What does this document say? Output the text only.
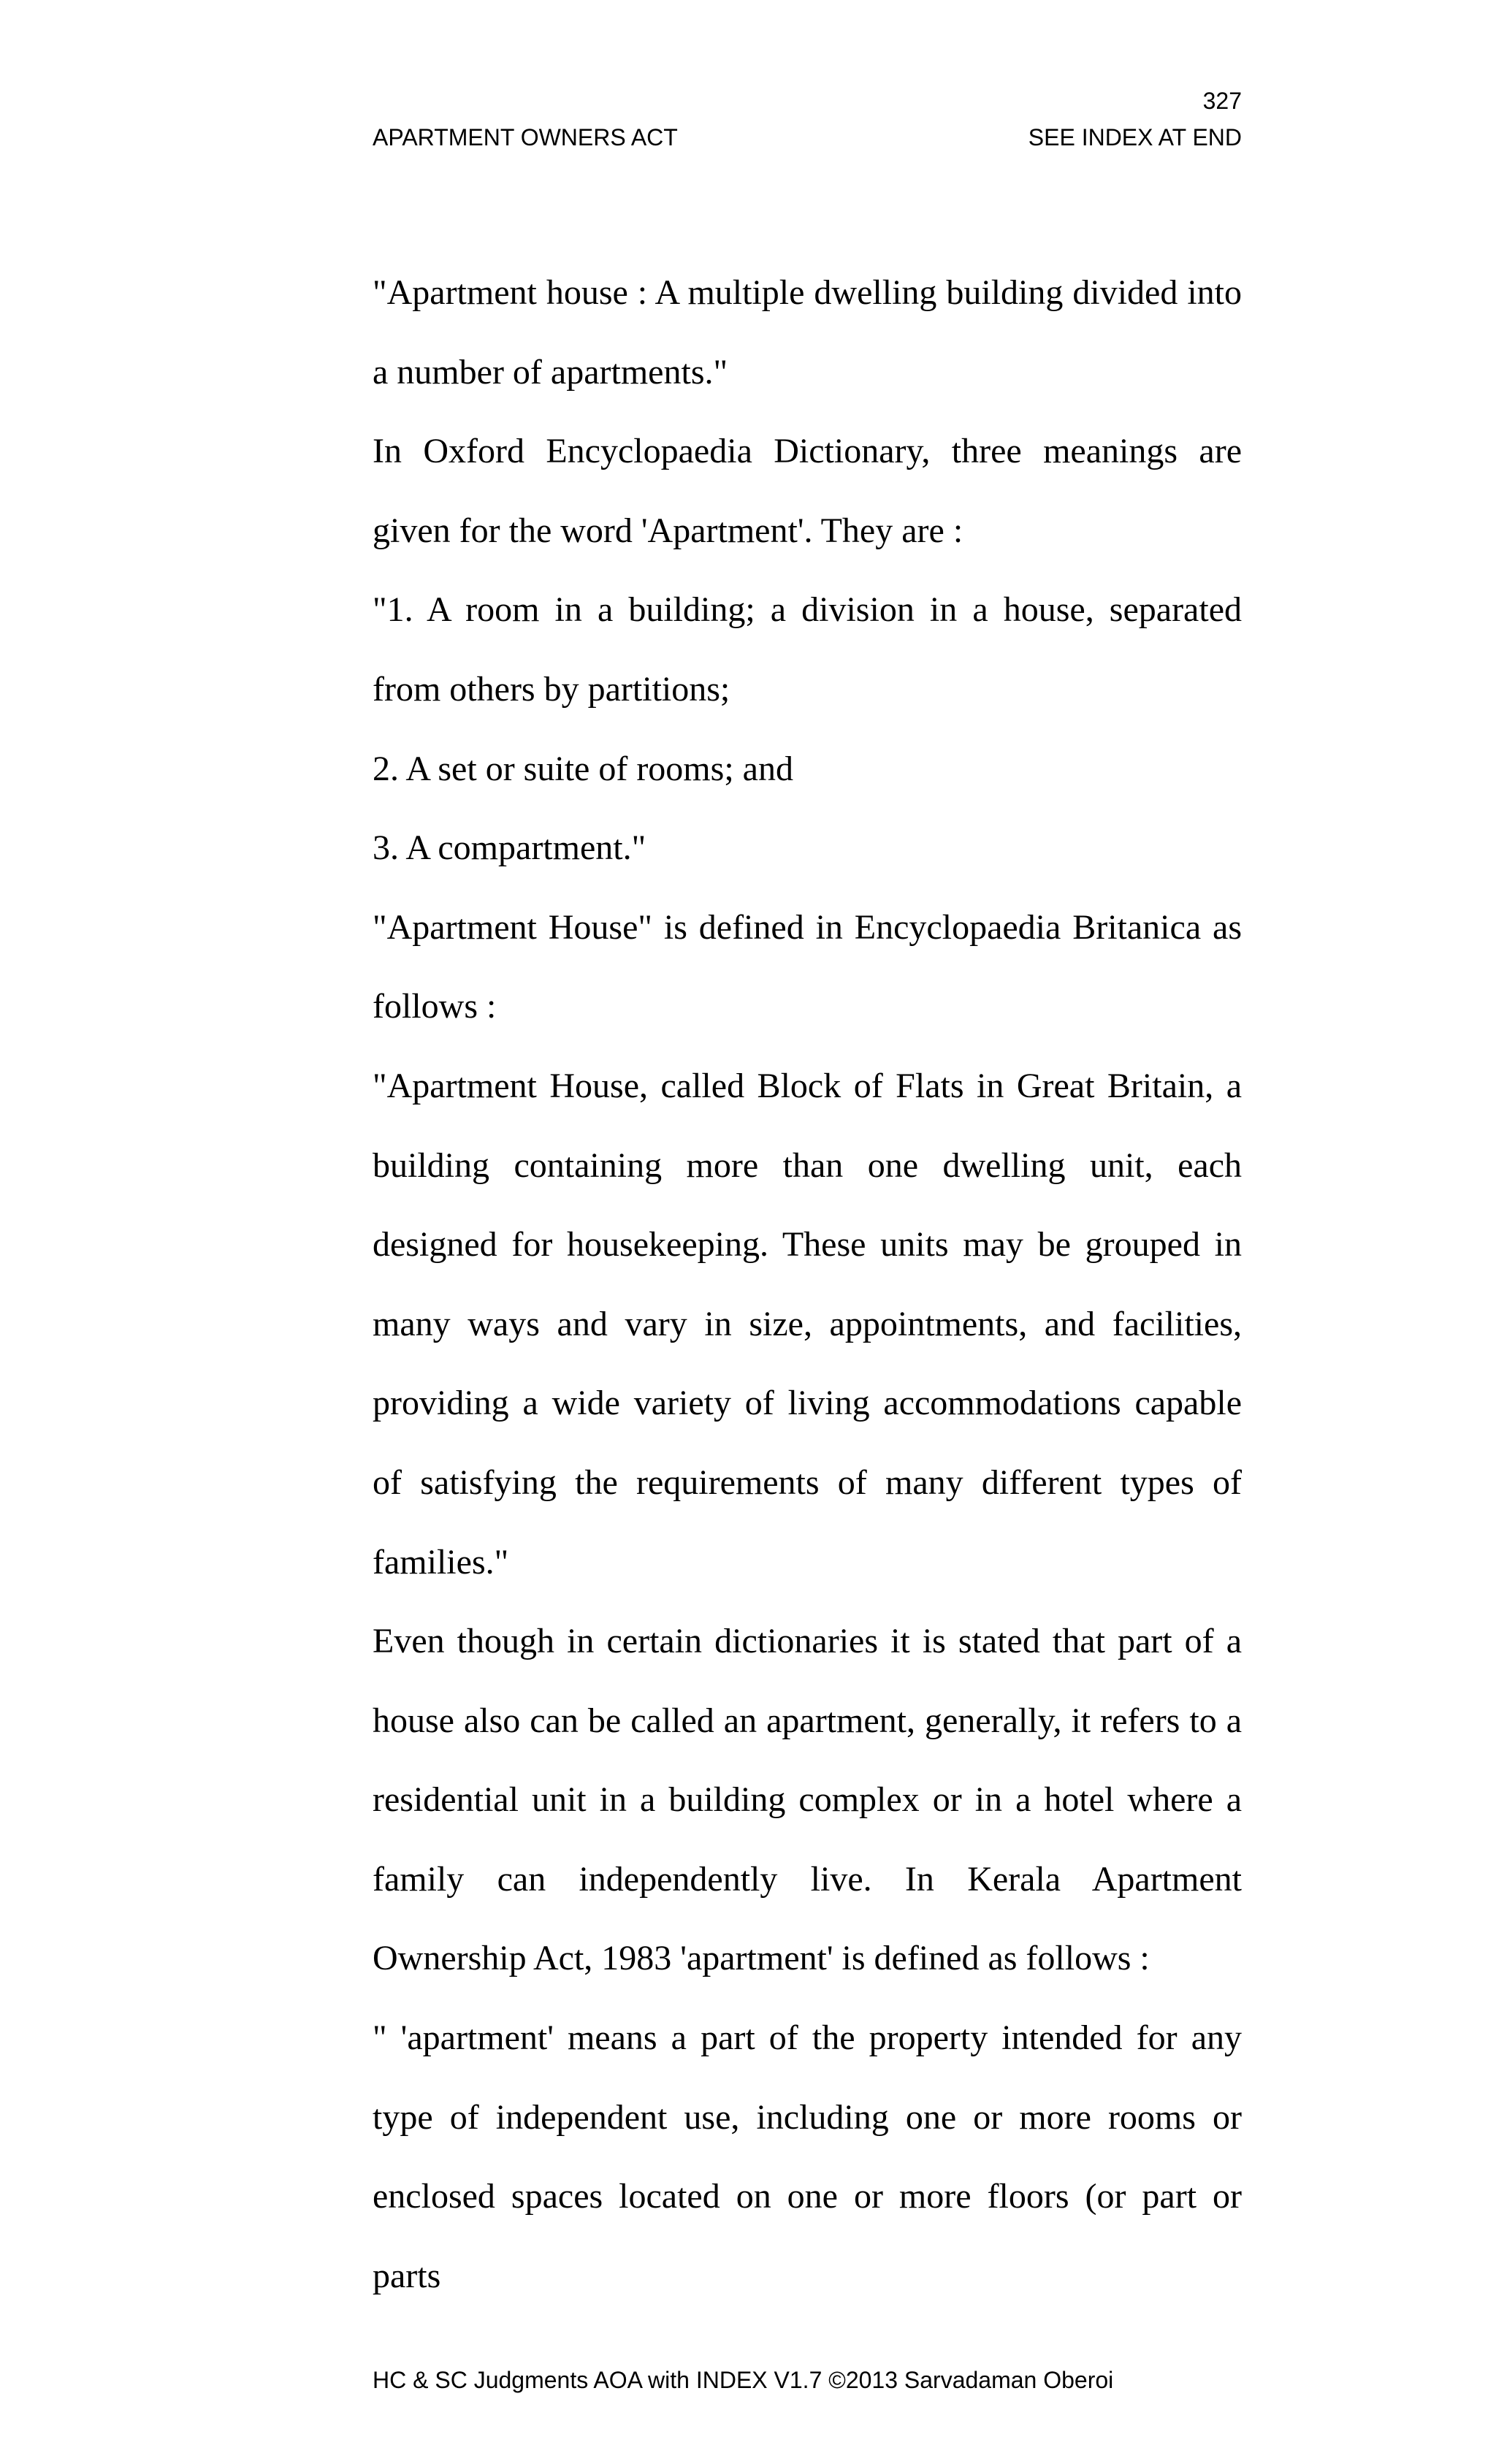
327
APARTMENT OWNERS ACT	SEE INDEX AT END

"Apartment house : A multiple dwelling building divided into a number of apartments."

In Oxford Encyclopaedia Dictionary, three meanings are given for the word 'Apartment'. They are :

"1. A room in a building; a division in a house, separated from others by partitions;

2. A set or suite of rooms; and

3. A compartment."

"Apartment House" is defined in Encyclopaedia Britanica as follows :

"Apartment House, called Block of Flats in Great Britain, a building containing more than one dwelling unit, each designed for housekeeping. These units may be grouped in many ways and vary in size, appointments, and facilities, providing a wide variety of living accommodations capable of satisfying the requirements of many different types of families."

Even though in certain dictionaries it is stated that part of a house also can be called an apartment, generally, it refers to a residential unit in a building complex or in a hotel where a family can independently live. In Kerala Apartment Ownership Act, 1983 'apartment' is defined as follows :

" 'apartment' means a part of the property intended for any type of independent use, including one or more rooms or enclosed spaces located on one or more floors (or part or parts

HC & SC Judgments AOA with INDEX V1.7 ©2013 Sarvadaman Oberoi
